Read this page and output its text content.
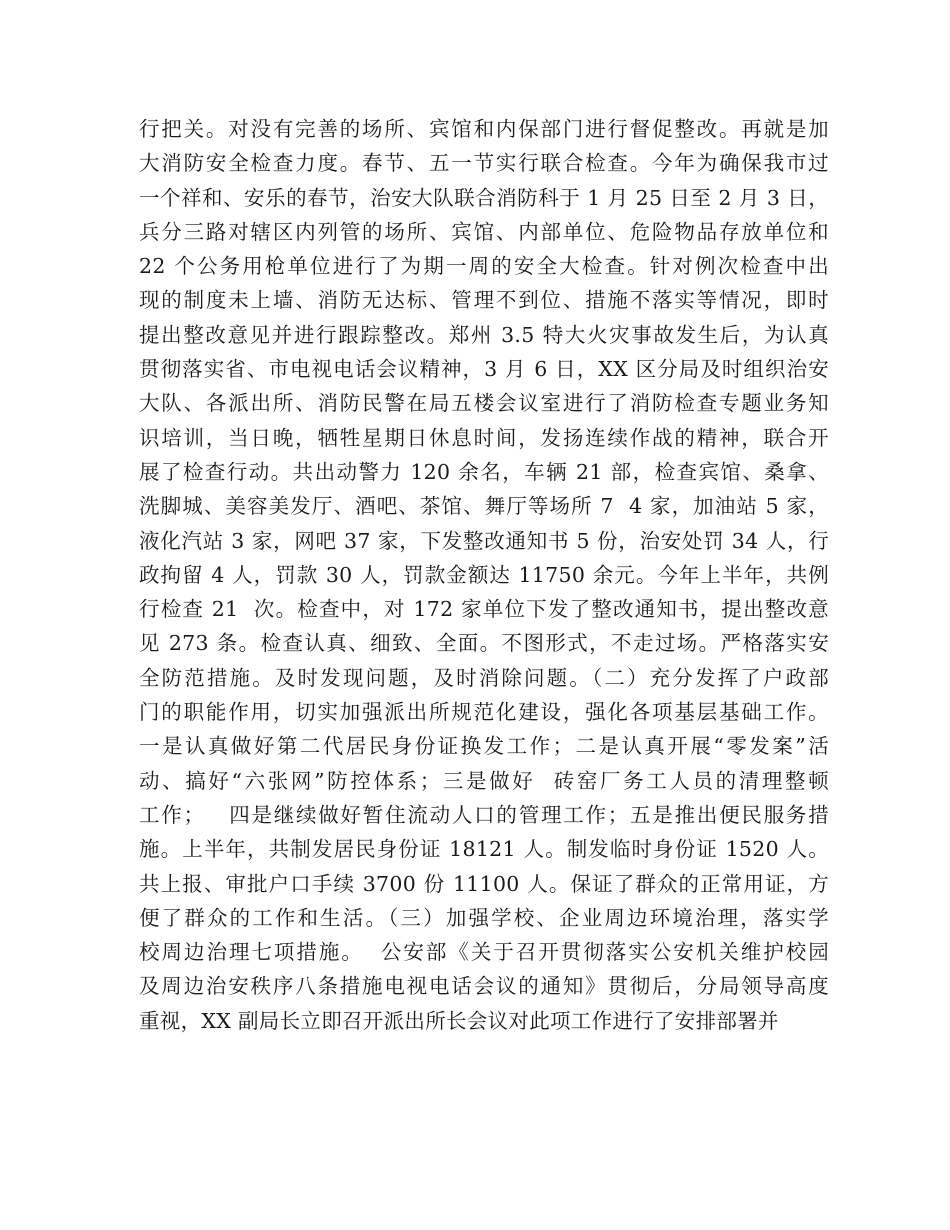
行把关。对没有完善的场所、宾馆和内保部门进行督促整改。再就是加
大消防安全检查力度。春节、五一节实行联合检查。今年为确保我市过
一个祥和、安乐的春节，治安大队联合消防科于 1 月 25 日至 2 月 3 日，
兵分三路对辖区内列管的场所、宾馆、内部单位、危险物品存放单位和
22 个公务用枪单位进行了为期一周的安全大检查。针对例次检查中出
现的制度未上墙、消防无达标、管理不到位、措施不落实等情况，即时
提出整改意见并进行跟踪整改。郑州 3.5 特大火灾事故发生后，为认真
贯彻落实省、市电视电话会议精神，3 月 6 日，XX 区分局及时组织治安
大队、各派出所、消防民警在局五楼会议室进行了消防检查专题业务知
识培训，当日晚，牺牲星期日休息时间，发扬连续作战的精神，联合开
展了检查行动。共出动警力 120 余名，车辆 21 部，检查宾馆、桑拿、
洗脚城、美容美发厅、酒吧、茶馆、舞厅等场所 7  4 家，加油站 5 家，
液化汽站 3 家，网吧 37 家，下发整改通知书 5 份，治安处罚 34 人，行
政拘留 4 人，罚款 30 人，罚款金额达 11750 余元。今年上半年，共例
行检查 21  次。检查中，对 172 家单位下发了整改通知书，提出整改意
见 273 条。检查认真、细致、全面。不图形式，不走过场。严格落实安
全防范措施。及时发现问题，及时消除问题。（二）充分发挥了户政部
门的职能作用，切实加强派出所规范化建设，强化各项基层基础工作。
一是认真做好第二代居民身份证换发工作；二是认真开展“零发案”活
动、搞好“六张网”防控体系；三是做好  砖窑厂务工人员的清理整顿
工作；   四是继续做好暂住流动人口的管理工作；五是推出便民服务措
施。上半年，共制发居民身份证 18121 人。制发临时身份证 1520 人。
共上报、审批户口手续 3700 份 11100 人。保证了群众的正常用证，方
便了群众的工作和生活。（三）加强学校、企业周边环境治理，落实学
校周边治理七项措施。  公安部《关于召开贯彻落实公安机关维护校园
及周边治安秩序八条措施电视电话会议的通知》贯彻后，分局领导高度
重视，XX 副局长立即召开派出所长会议对此项工作进行了安排部署并
